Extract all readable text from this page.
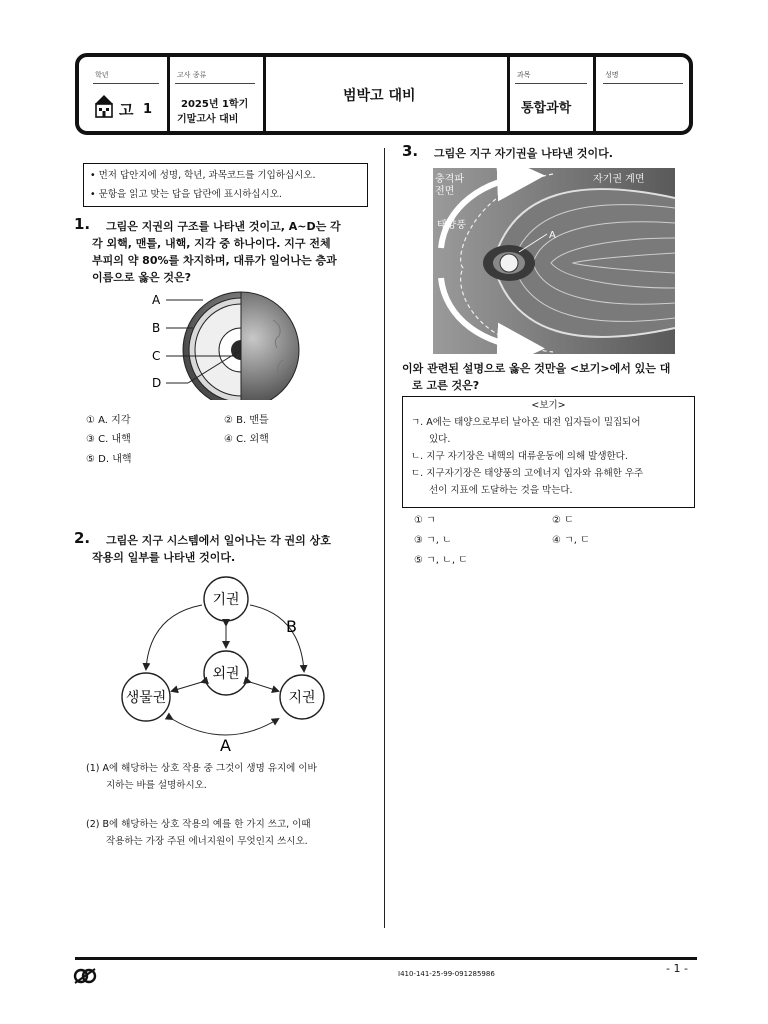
학년
고 1
고사 종류
2025년 1학기
기말고사 대비
범박고 대비
과목
통합과학
성명
• 먼저 답안지에 성명, 학년, 과목코드를 기입하십시오.
• 문항을 읽고 맞는 답을 답란에 표시하십시오.
1.	그림은 지권의 구조를 나타낸 것이고, A~D는 각
각 외핵, 맨틀, 내핵, 지각 중 하나이다. 지구 전체
부피의 약 80%를 차지하며, 대류가 일어나는 층과
이름으로 옳은 것은?
A
B
C
D
① A. 지각	② B. 맨틀
③ C. 내핵	④ C. 외핵
⑤ D. 내핵
2.	그림은 지구 시스템에서 일어나는 각 권의 상호
작용의 일부를 나타낸 것이다.
기권
외권
생물권	지권
B
A
(1) A에 해당하는 상호 작용 중 그것이 생명 유지에 이바
지하는 바를 설명하시오.
(2) B에 해당하는 상호 작용의 예를 한 가지 쓰고, 이때
작용하는 가장 주된 에너지원이 무엇인지 쓰시오.
3. 그림은 지구 자기권을 나타낸 것이다.
충격파
전면
자기권 계면
태양풍
A
이와 관련된 설명으로 옳은 것만을 <보기>에서 있는 대
로 고른 것은?
<보기>
ㄱ. A에는 태양으로부터 날아온 대전 입자들이 밀집되어
있다.
ㄴ. 지구 자기장은 내핵의 대류운동에 의해 발생한다.
ㄷ. 지구자기장은 태양풍의 고에너지 입자와 유해한 우주
선이 지표에 도달하는 것을 막는다.
① ㄱ	② ㄷ
③ ㄱ, ㄴ	④ ㄱ, ㄷ
⑤ ㄱ, ㄴ, ㄷ
I410-141-25-99-091285986	- 1 -
